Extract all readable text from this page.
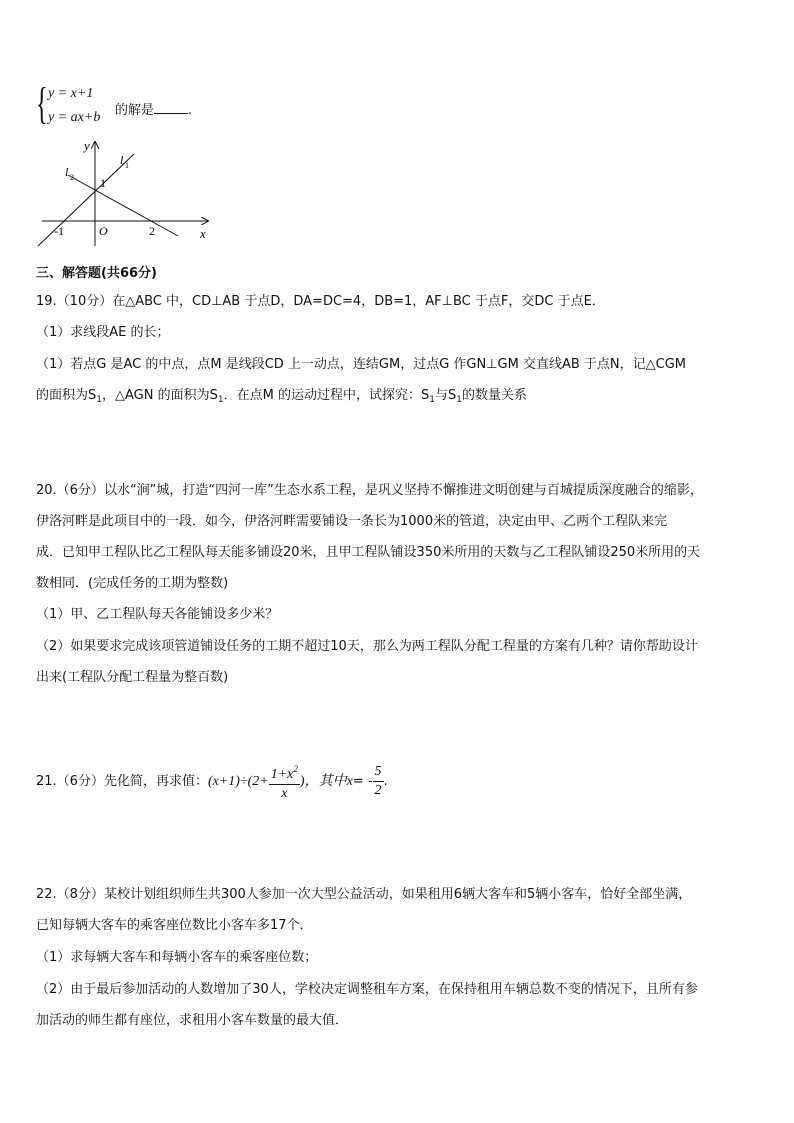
{ y = x+1
y = ax+b 的解是	.
y
x
l 1
l 2
O
-1	2
1
三、解答题(共66分)
19.（10分）在△ABC 中，CD⊥AB 于点D，DA=DC=4，DB=1，AF⊥BC 于点F，交DC 于点E．
（1）求线段AE 的长；
（1）若点G 是AC 的中点，点M 是线段CD 上一动点，连结GM，过点G 作GN⊥GM 交直线AB 于点N，记△CGM
的面积为$S_1$，△AGN 的面积为$S_1$．在点M 的运动过程中，试探究：$S_1$与$S_1$的数量关系
20.（6分）以水“涧”城，打造“四河一库”生态水系工程，是巩义坚持不懈推进文明创建与百城提质深度融合的缩影，
伊洛河畔是此项目中的一段．如今，伊洛河畔需要铺设一条长为1000米的管道，决定由甲、乙两个工程队来完
成．已知甲工程队比乙工程队每天能多铺设20米，且甲工程队铺设350米所用的天数与乙工程队铺设250米所用的天
数相同．(完成任务的工期为整数)
（1）甲、乙工程队每天各能铺设多少米？
（2）如果要求完成该项管道铺设任务的工期不超过10天，那么为两工程队分配工程量的方案有几种？请你帮助设计
出来(工程队分配工程量为整百数)
21.（6分）先化简，再求值：$(x+1)\div(2+ \frac{1+x^2}{x}$ )，其中$x= - \frac{5}{2}$ .
22.（8分）某校计划组织师生共300人参加一次大型公益活动，如果租用6辆大客车和5辆小客车，恰好全部坐满，
已知每辆大客车的乘客座位数比小客车多17个．
（1）求每辆大客车和每辆小客车的乘客座位数；
（2）由于最后参加活动的人数增加了30人，学校决定调整租车方案，在保持租用车辆总数不变的情况下，且所有参
加活动的师生都有座位，求租用小客车数量的最大值．
